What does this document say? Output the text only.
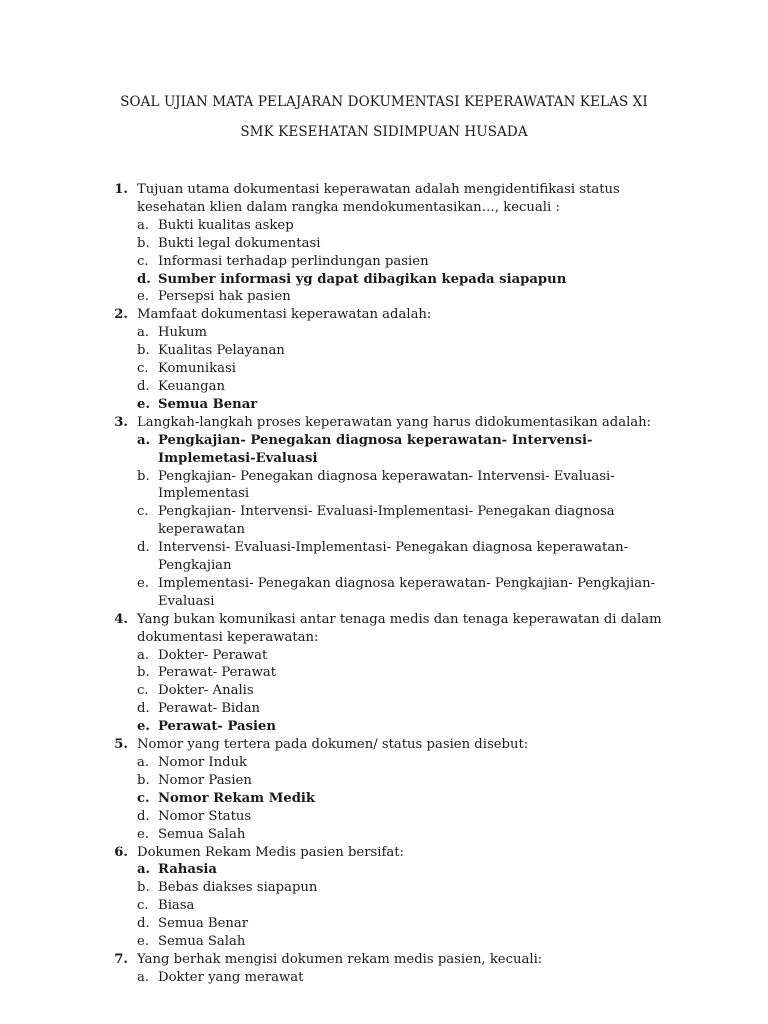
SOAL UJIAN MATA PELAJARAN DOKUMENTASI KEPERAWATAN KELAS XI

SMK KESEHATAN SIDIMPUAN HUSADA

1. Tujuan utama dokumentasi keperawatan adalah mengidentifikasi status kesehatan klien dalam rangka mendokumentasikan…, kecuali :
a. Bukti kualitas askep
b. Bukti legal dokumentasi
c. Informasi terhadap perlindungan pasien
d. Sumber informasi yg dapat dibagikan kepada siapapun
e. Persepsi hak pasien
2. Mamfaat dokumentasi keperawatan adalah:
a. Hukum
b. Kualitas Pelayanan
c. Komunikasi
d. Keuangan
e. Semua Benar
3. Langkah-langkah proses keperawatan yang harus didokumentasikan adalah:
a. Pengkajian- Penegakan diagnosa keperawatan- Intervensi- Implemetasi-Evaluasi
b. Pengkajian- Penegakan diagnosa keperawatan- Intervensi- Evaluasi-Implementasi
c. Pengkajian- Intervensi- Evaluasi-Implementasi- Penegakan diagnosa keperawatan
d. Intervensi- Evaluasi-Implementasi- Penegakan diagnosa keperawatan- Pengkajian
e. Implementasi- Penegakan diagnosa keperawatan- Pengkajian- Pengkajian-Evaluasi
4. Yang bukan komunikasi antar tenaga medis dan tenaga keperawatan di dalam dokumentasi keperawatan:
a. Dokter- Perawat
b. Perawat- Perawat
c. Dokter- Analis
d. Perawat- Bidan
e. Perawat- Pasien
5. Nomor yang tertera pada dokumen/ status pasien disebut:
a. Nomor Induk
b. Nomor Pasien
c. Nomor Rekam Medik
d. Nomor Status
e. Semua Salah
6. Dokumen Rekam Medis pasien bersifat:
a. Rahasia
b. Bebas diakses siapapun
c. Biasa
d. Semua Benar
e. Semua Salah
7. Yang berhak mengisi dokumen rekam medis pasien, kecuali:
a. Dokter yang merawat
